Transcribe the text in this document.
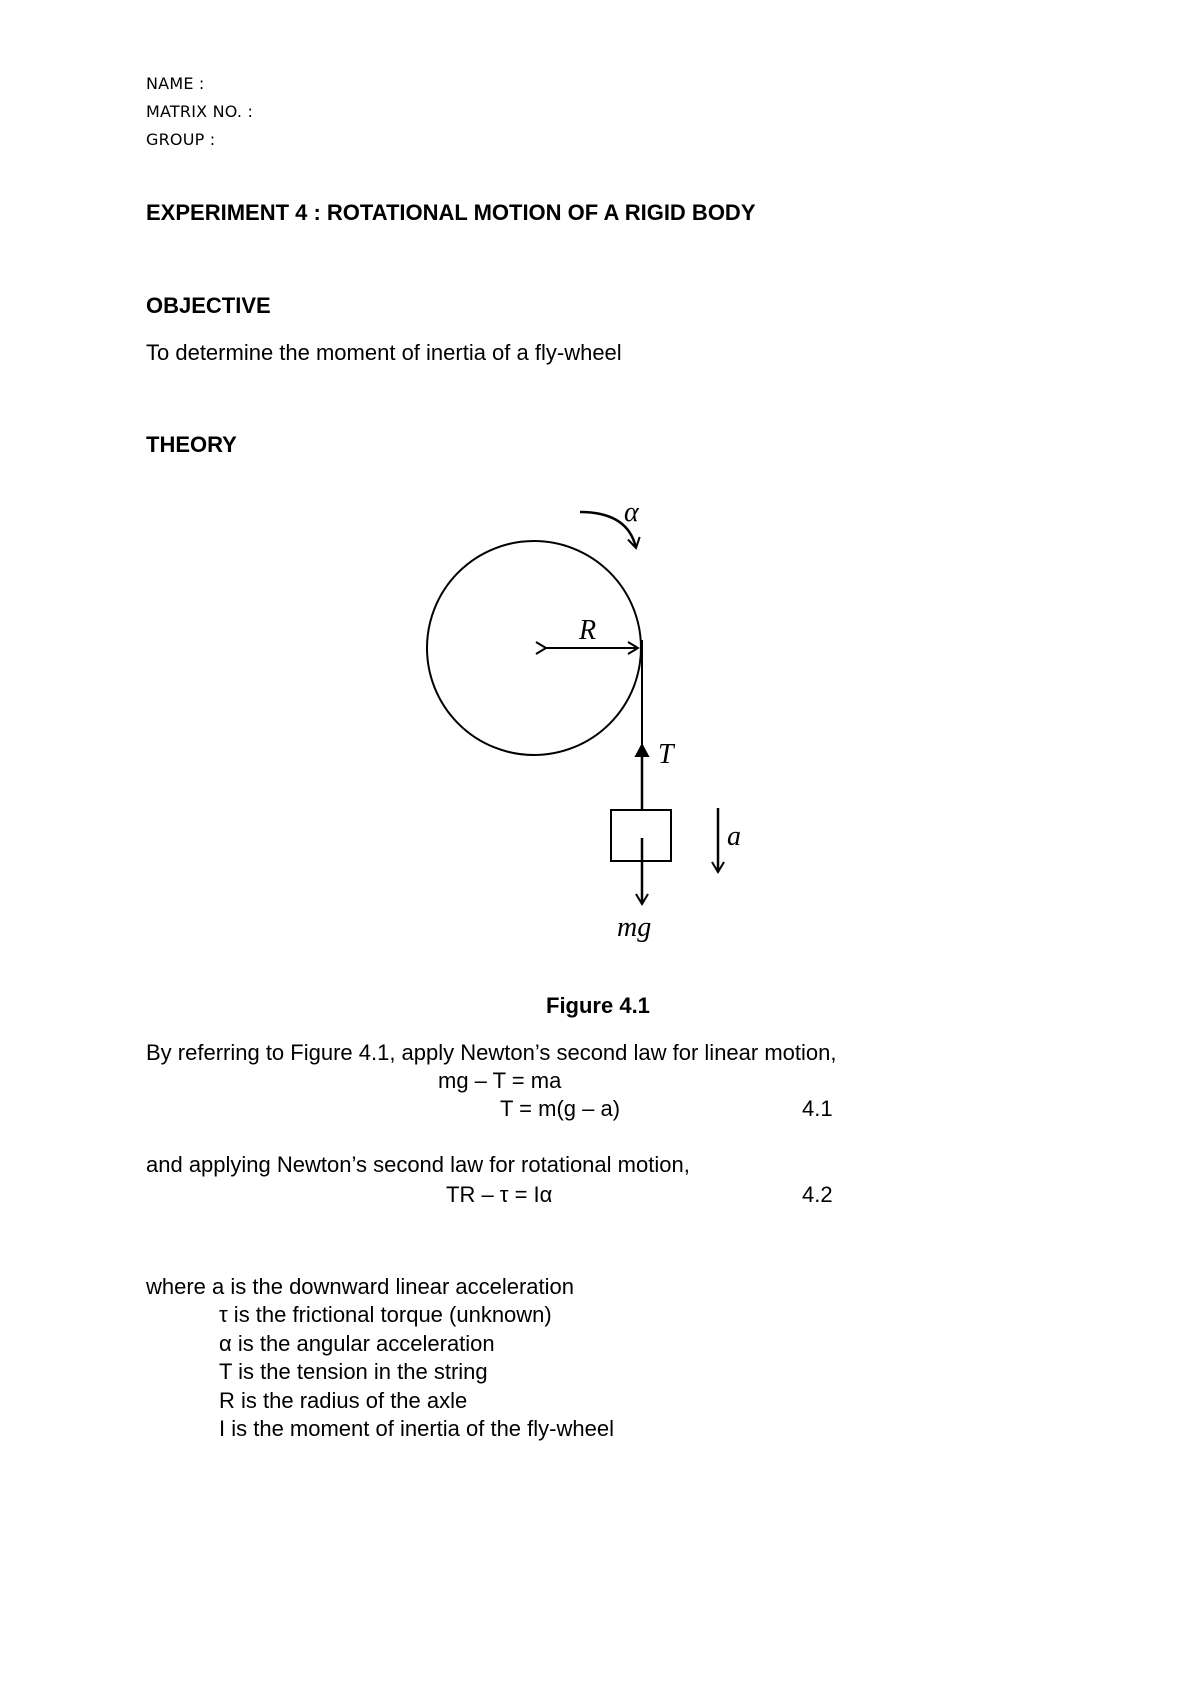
NAME :
MATRIX NO. :
GROUP :
EXPERIMENT 4 : ROTATIONAL MOTION OF A RIGID BODY
OBJECTIVE
To determine the moment of inertia of a fly-wheel
THEORY
α
R
T
a
mg
Figure 4.1
By referring to Figure 4.1, apply Newton’s second law for linear motion,
mg – T = ma
T = m(g – a)	4.1
and applying Newton’s second law for rotational motion,
TR – τ = Iα	4.2
where a is the downward linear acceleration
τ is the frictional torque (unknown)
α is the angular acceleration
T is the tension in the string
R is the radius of the axle
I is the moment of inertia of the fly-wheel
